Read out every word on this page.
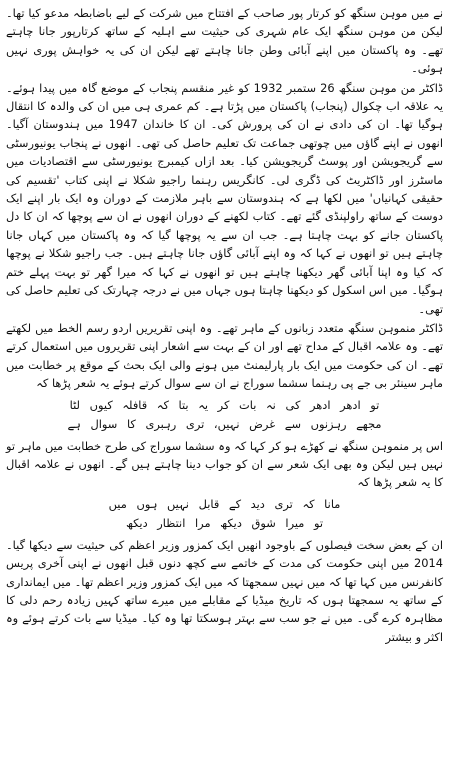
نے میں موہن سنگھ کو کرتار پور صاحب کے افتتاح میں شرکت کے لیے باضابطہ مدعو کیا تھا۔ لیکن من موہن سنگھ ایک عام شہری کی حیثیت سے اہلیہ کے ساتھ کرتارپور جانا چاہتے تھے۔ وہ پاکستان میں اپنے آبائی وطن جانا چاہتے تھے لیکن ان کی یہ خواہش پوری نہیں ہوئی۔

ڈاکٹر من موہن سنگھ 26 ستمبر 1932 کو غیر منقسم پنجاب کے موضع گاہ میں پیدا ہوئے۔ یہ علاقہ اب چکوال (پنجاب) پاکستان میں پڑتا ہے۔ کم عمری ہی میں ان کی والدہ کا انتقال ہوگیا تھا۔ ان کی دادی نے ان کی پرورش کی۔ ان کا خاندان 1947 میں ہندوستان آگیا۔ انھوں نے اپنے گاؤں میں چوتھی جماعت تک تعلیم حاصل کی تھی۔ انھوں نے پنجاب یونیورسٹی سے گریجویشن اور پوسٹ گریجویشن کیا۔ بعد ازاں کیمبرج یونیورسٹی سے اقتصادیات میں ماسٹرز اور ڈاکٹریٹ کی ڈگری لی۔ کانگریس رہنما راجیو شکلا نے اپنی کتاب 'تقسیم کی حقیقی کہانیاں' میں لکھا ہے کہ ہندوستان سے باہر ملازمت کے دوران وہ ایک بار اپنے ایک دوست کے ساتھ راولپنڈی گئے تھے۔ کتاب لکھنے کے دوران انھوں نے ان سے پوچھا کہ ان کا دل پاکستان جانے کو بہت چاہتا ہے۔ جب ان سے یہ پوچھا گیا کہ وہ پاکستان میں کہاں جانا چاہتے ہیں تو انھوں نے کہا کہ وہ اپنے آبائی گاؤں جانا چاہتے ہیں۔ جب راجیو شکلا نے پوچھا کہ کیا وہ اپنا آبائی گھر دیکھنا چاہتے ہیں تو انھوں نے کہا کہ میرا گھر تو بہت پہلے ختم ہوگیا۔ میں اس اسکول کو دیکھنا چاہتا ہوں جہاں میں نے درجہ چہارتک کی تعلیم حاصل کی تھی۔

ڈاکٹر منموہن سنگھ متعدد زبانوں کے ماہر تھے۔ وہ اپنی تقریریں اردو رسم الخط میں لکھتے تھے۔ وہ علامہ اقبال کے مداح تھے اور ان کے بہت سے اشعار اپنی تقریروں میں استعمال کرتے تھے۔ ان کی حکومت میں ایک بار پارلیمنٹ میں ہونے والی ایک بحث کے موقع پر خطابت میں ماہر سینئر بی جے پی رہنما سشما سوراج نے ان سے سوال کرتے ہوئے یہ شعر پڑھا کہ

تو ادھر ادھر کی نہ بات کر یہ بتا کہ قافلہ کیوں لٹا
مجھے رہزنوں سے غرض نہیں، تری رہبری کا سوال ہے

اس پر منموہن سنگھ نے کھڑے ہو کر کہا کہ وہ سشما سوراج کی طرح خطابت میں ماہر تو نہیں ہیں لیکن وہ بھی ایک شعر سے ان کو جواب دینا چاہتے ہیں گے۔ انھوں نے علامہ اقبال کا یہ شعر پڑھا کہ

مانا کہ تری دید کے قابل نہیں ہوں میں
تو میرا شوق دیکھ مرا انتظار دیکھ

ان کے بعض سخت فیصلوں کے باوجود انھیں ایک کمزور وزیر اعظم کی حیثیت سے دیکھا گیا۔ 2014 میں اپنی حکومت کی مدت کے خاتمے سے کچھ دنوں قبل انھوں نے اپنی آخری پریس کانفرنس میں کہا تھا کہ میں نہیں سمجھتا کہ میں ایک کمزور وزیر اعظم تھا۔ میں ایمانداری کے ساتھ یہ سمجھتا ہوں کہ تاریخ میڈیا کے مقابلے میں میرے ساتھ کہیں زیادہ رحم دلی کا مظاہرہ کرے گی۔ میں نے جو سب سے بہتر ہوسکتا تھا وہ کیا۔ میڈیا سے بات کرتے ہوئے وہ اکثر و بیشتر
